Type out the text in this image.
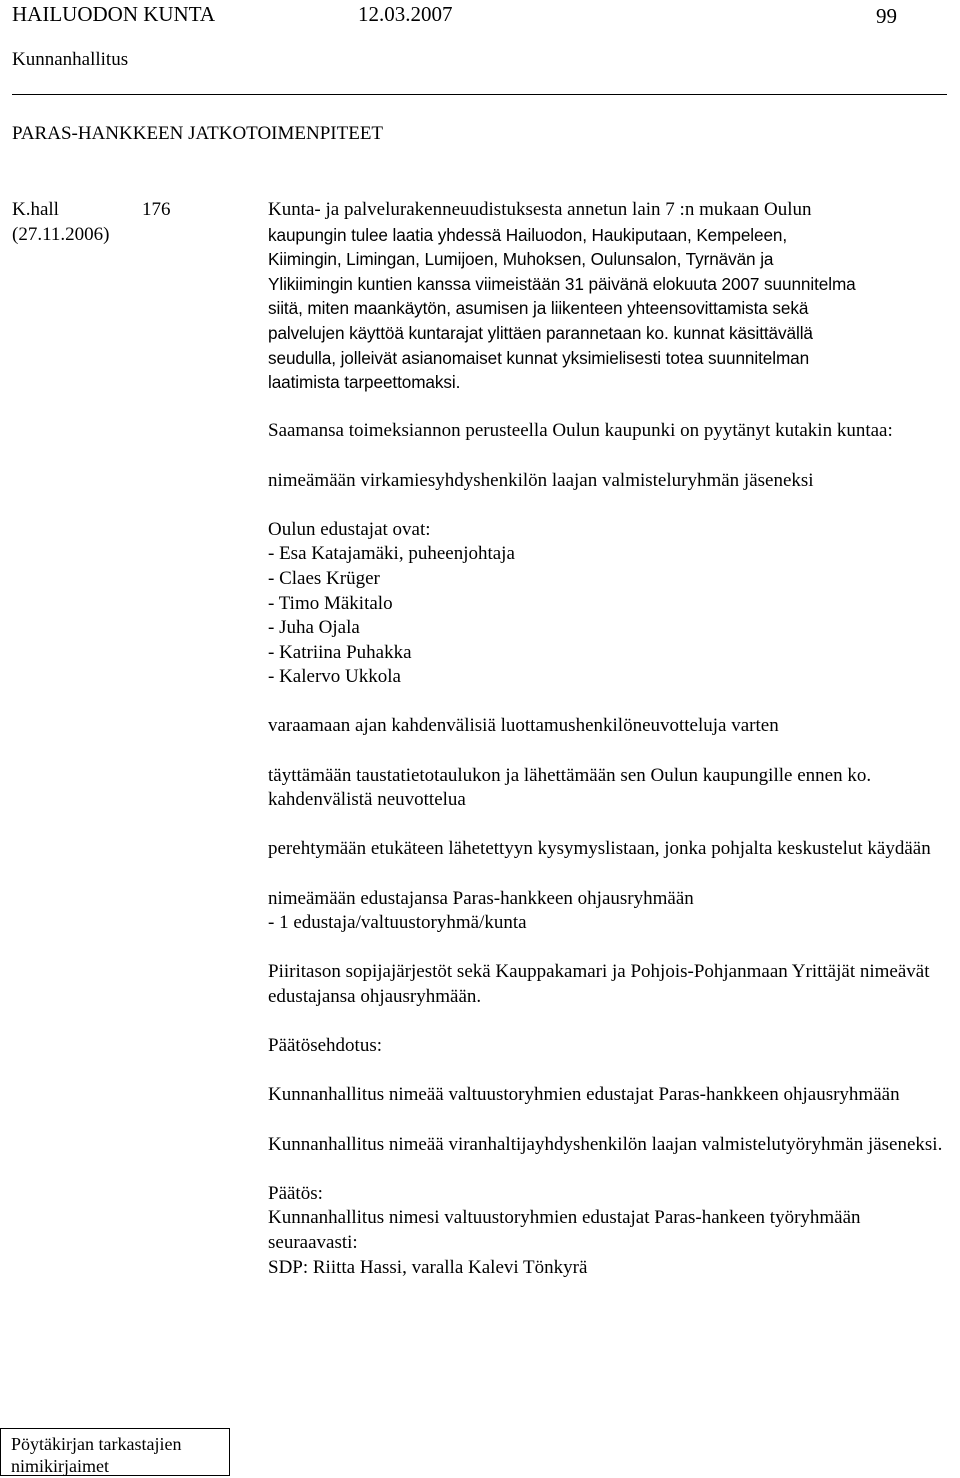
HAILUODON KUNTA	12.03.2007	99
Kunnanhallitus
PARAS-HANKKEEN JATKOTOIMENPITEET
K.hall	176
(27.11.2006)

Kunta- ja palvelurakenneuudistuksesta annetun lain 7 :n mukaan Oulun

kaupungin tulee laatia yhdessä Hailuodon, Haukiputaan, Kempeleen,
Kiimingin, Limingan, Lumijoen, Muhoksen, Oulunsalon, Tyrnävän ja
Ylikiimingin kuntien kanssa viimeistään 31 päivänä elokuuta 2007 suunnitelma
siitä, miten maankäytön, asumisen ja liikenteen yhteensovittamista sekä
palvelujen käyttöä kuntarajat ylittäen parannetaan ko. kunnat käsittävällä
seudulla, jolleivät asianomaiset kunnat yksimielisesti totea suunnitelman
laatimista tarpeettomaksi.

Saamansa toimeksiannon perusteella Oulun kaupunki on pyytänyt kutakin kuntaa:

nimeämään virkamiesyhdyshenkilön laajan valmisteluryhmän jäseneksi

Oulun edustajat ovat:

- Esa Katajamäki, puheenjohtaja
- Claes Krüger
- Timo Mäkitalo
- Juha Ojala
- Katriina Puhakka
- Kalervo Ukkola

varaamaan ajan kahdenvälisiä luottamushenkilöneuvotteluja varten

täyttämään taustatietotaulukon ja lähettämään sen Oulun kaupungille ennen ko. kahdenvälistä neuvottelua

perehtymään etukäteen lähetettyyn kysymyslistaan, jonka pohjalta keskustelut käydään

nimeämään edustajansa Paras-hankkeen ohjausryhmään

- 1 edustaja/valtuustoryhmä/kunta

Piiritason sopijajärjestöt sekä Kauppakamari ja Pohjois-Pohjanmaan Yrittäjät nimeävät edustajansa ohjausryhmään.

Päätösehdotus:

Kunnanhallitus nimeää valtuustoryhmien edustajat Paras-hankkeen ohjausryhmään

Kunnanhallitus nimeää viranhaltijayhdyshenkilön laajan valmistelutyöryhmän jäseneksi.

Päätös:

Kunnanhallitus nimesi valtuustoryhmien edustajat Paras-hankeen työryhmään seuraavasti:

SDP: Riitta Hassi, varalla Kalevi Tönkyrä

Pöytäkirjan tarkastajien
nimikirjaimet
